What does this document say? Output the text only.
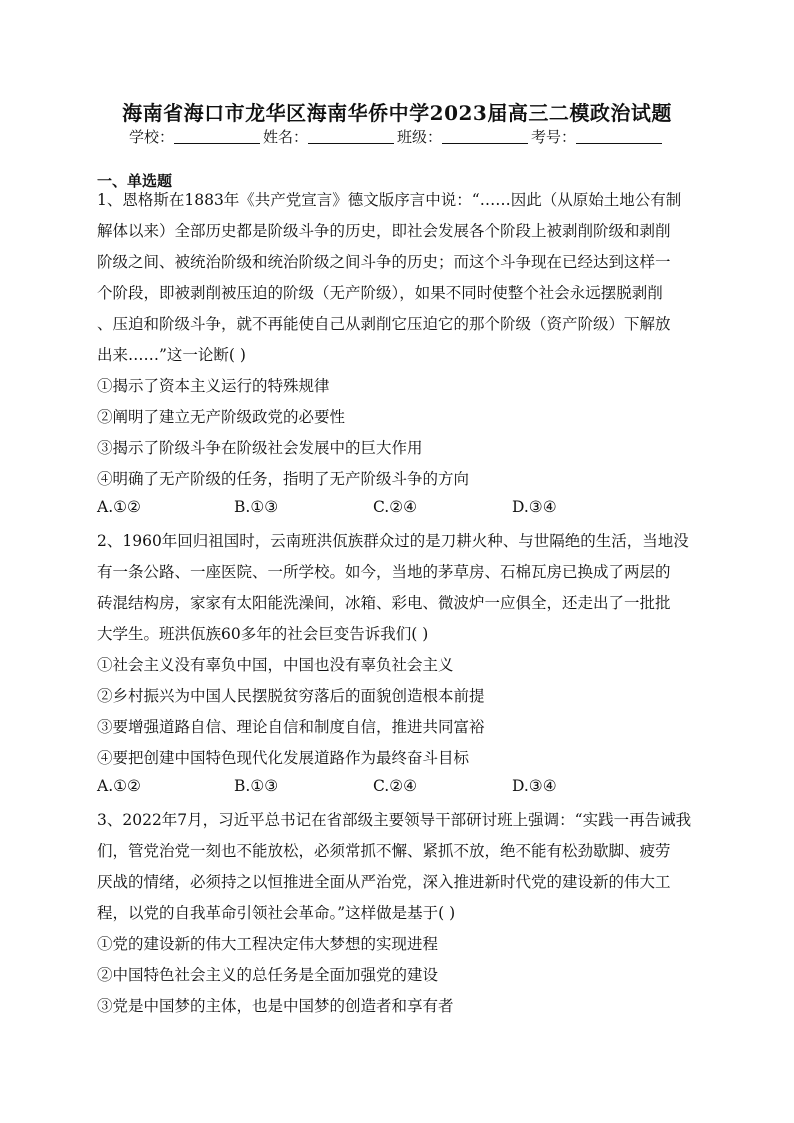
海南省海口市龙华区海南华侨中学2023届高三二模政治试题
学校：	姓名：	班级：	考号：
一、单选题
1、恩格斯在1883年《共产党宣言》德文版序言中说：“……因此（从原始土地公有制
解体以来）全部历史都是阶级斗争的历史，即社会发展各个阶段上被剥削阶级和剥削
阶级之间、被统治阶级和统治阶级之间斗争的历史；而这个斗争现在已经达到这样一
个阶段，即被剥削被压迫的阶级（无产阶级），如果不同时使整个社会永远摆脱剥削
、压迫和阶级斗争，就不再能使自己从剥削它压迫它的那个阶级（资产阶级）下解放
出来……”这一论断( )
①揭示了资本主义运行的特殊规律
②阐明了建立无产阶级政党的必要性
③揭示了阶级斗争在阶级社会发展中的巨大作用
④明确了无产阶级的任务，指明了无产阶级斗争的方向
A.①②	B.①③	C.②④	D.③④
2、1960年回归祖国时，云南班洪佤族群众过的是刀耕火种、与世隔绝的生活，当地没
有一条公路、一座医院、一所学校。如今，当地的茅草房、石棉瓦房已换成了两层的
砖混结构房，家家有太阳能洗澡间，冰箱、彩电、微波炉一应俱全，还走出了一批批
大学生。班洪佤族60多年的社会巨变告诉我们( )
①社会主义没有辜负中国，中国也没有辜负社会主义
②乡村振兴为中国人民摆脱贫穷落后的面貌创造根本前提
③要增强道路自信、理论自信和制度自信，推进共同富裕
④要把创建中国特色现代化发展道路作为最终奋斗目标
A.①②	B.①③	C.②④	D.③④
3、2022年7月，习近平总书记在省部级主要领导干部研讨班上强调：“实践一再告诫我
们，管党治党一刻也不能放松，必须常抓不懈、紧抓不放，绝不能有松劲歇脚、疲劳
厌战的情绪，必须持之以恒推进全面从严治党，深入推进新时代党的建设新的伟大工
程，以党的自我革命引领社会革命。”这样做是基于( )
①党的建设新的伟大工程决定伟大梦想的实现进程
②中国特色社会主义的总任务是全面加强党的建设
③党是中国梦的主体，也是中国梦的创造者和享有者
